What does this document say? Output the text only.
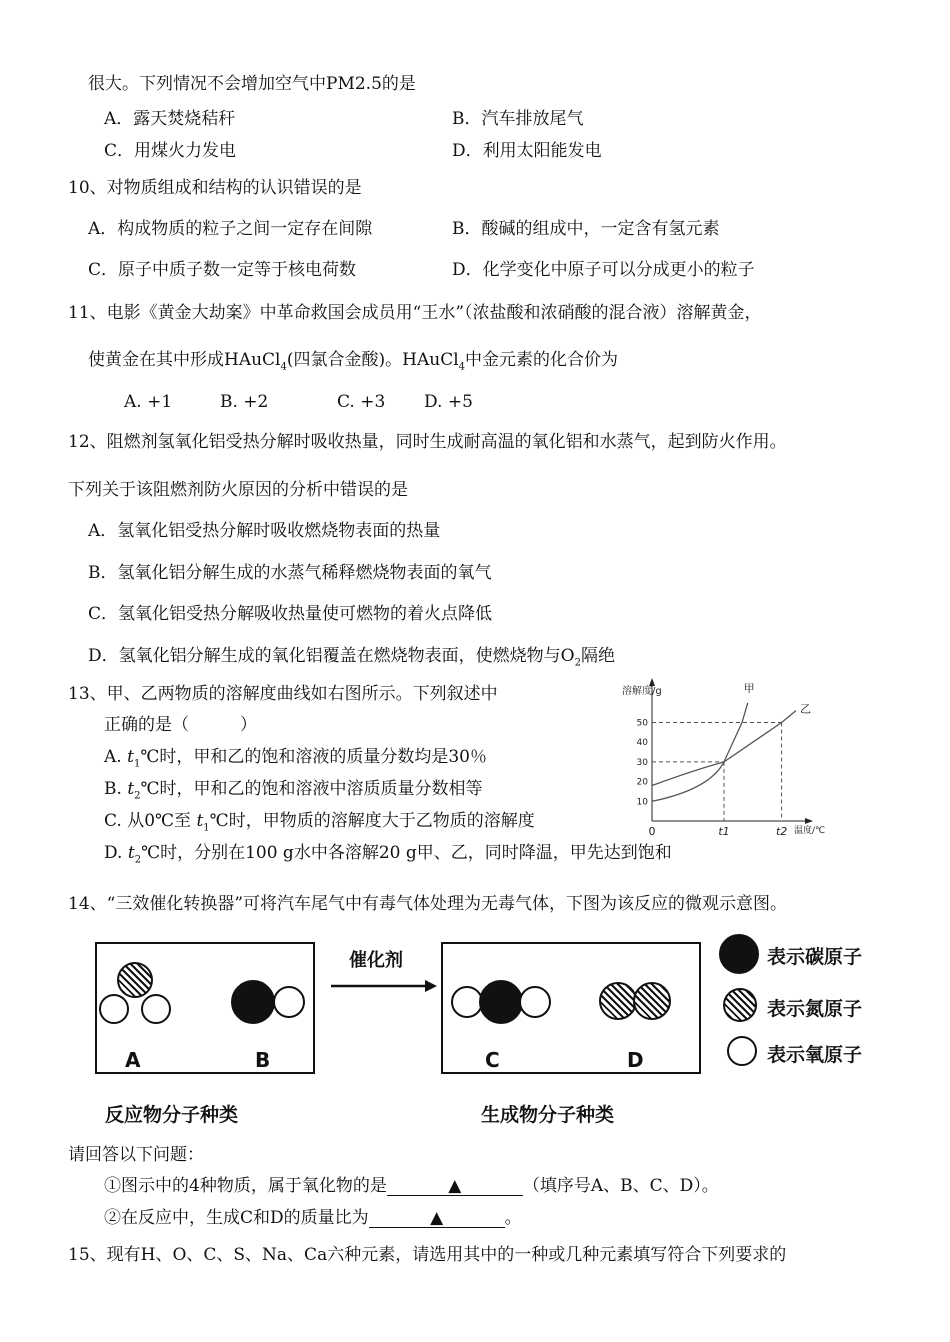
很大。下列情况不会增加空气中PM2.5的是
A．露天焚烧秸秆	B．汽车排放尾气
C．用煤火力发电	D．利用太阳能发电
10、对物质组成和结构的认识错误的是
A．构成物质的粒子之间一定存在间隙	B．酸碱的组成中，一定含有氢元素
C．原子中质子数一定等于核电荷数	D．化学变化中原子可以分成更小的粒子
11、电影《黄金大劫案》中革命救国会成员用“王水”（浓盐酸和浓硝酸的混合液）溶解黄金，
使黄金在其中形成HAuCl$_4$(四氯合金酸)。HAuCl$_4$中金元素的化合价为
A. +1	B. +2	C. +3 D. +5
12、阻燃剂氢氧化铝受热分解时吸收热量，同时生成耐高温的氧化铝和水蒸气，起到防火作用。
下列关于该阻燃剂防火原因的分析中错误的是
A．氢氧化铝受热分解时吸收燃烧物表面的热量
B．氢氧化铝分解生成的水蒸气稀释燃烧物表面的氧气
C．氢氧化铝受热分解吸收热量使可燃物的着火点降低
D．氢氧化铝分解生成的氧化铝覆盖在燃烧物表面，使燃烧物与$O_2$隔绝
13、甲、乙两物质的溶解度曲线如右图所示。下列叙述中
正确的是（　　　）
A. $t_1℃$时，甲和乙的饱和溶液的质量分数均是30％
B. $t_2℃$时，甲和乙的饱和溶液中溶质质量分数相等
C. 从0℃至 $t_1℃$时，甲物质的溶解度大于乙物质的溶解度
D. $t_2℃$时，分别在100 g水中各溶解20 g甲、乙，同时降温，甲先达到饱和
10
20
30
40
50
0	t1	t2
溶解度/g
温度/℃
甲
乙
14、“三效催化转换器”可将汽车尾气中有毒气体处理为无毒气体，下图为该反应的微观示意图。
A	B
催化剂
C	D
反应物分子种类	生成物分子种类
表示碳原子
表示氮原子
表示氧原子
请回答以下问题：
①图示中的4种物质，属于氧化物的是	▲	（填序号A、B、C、D）。
②在反应中，生成C和D的质量比为	▲	。
15、现有H、O、C、S、Na、Ca六种元素，请选用其中的一种或几种元素填写符合下列要求的
